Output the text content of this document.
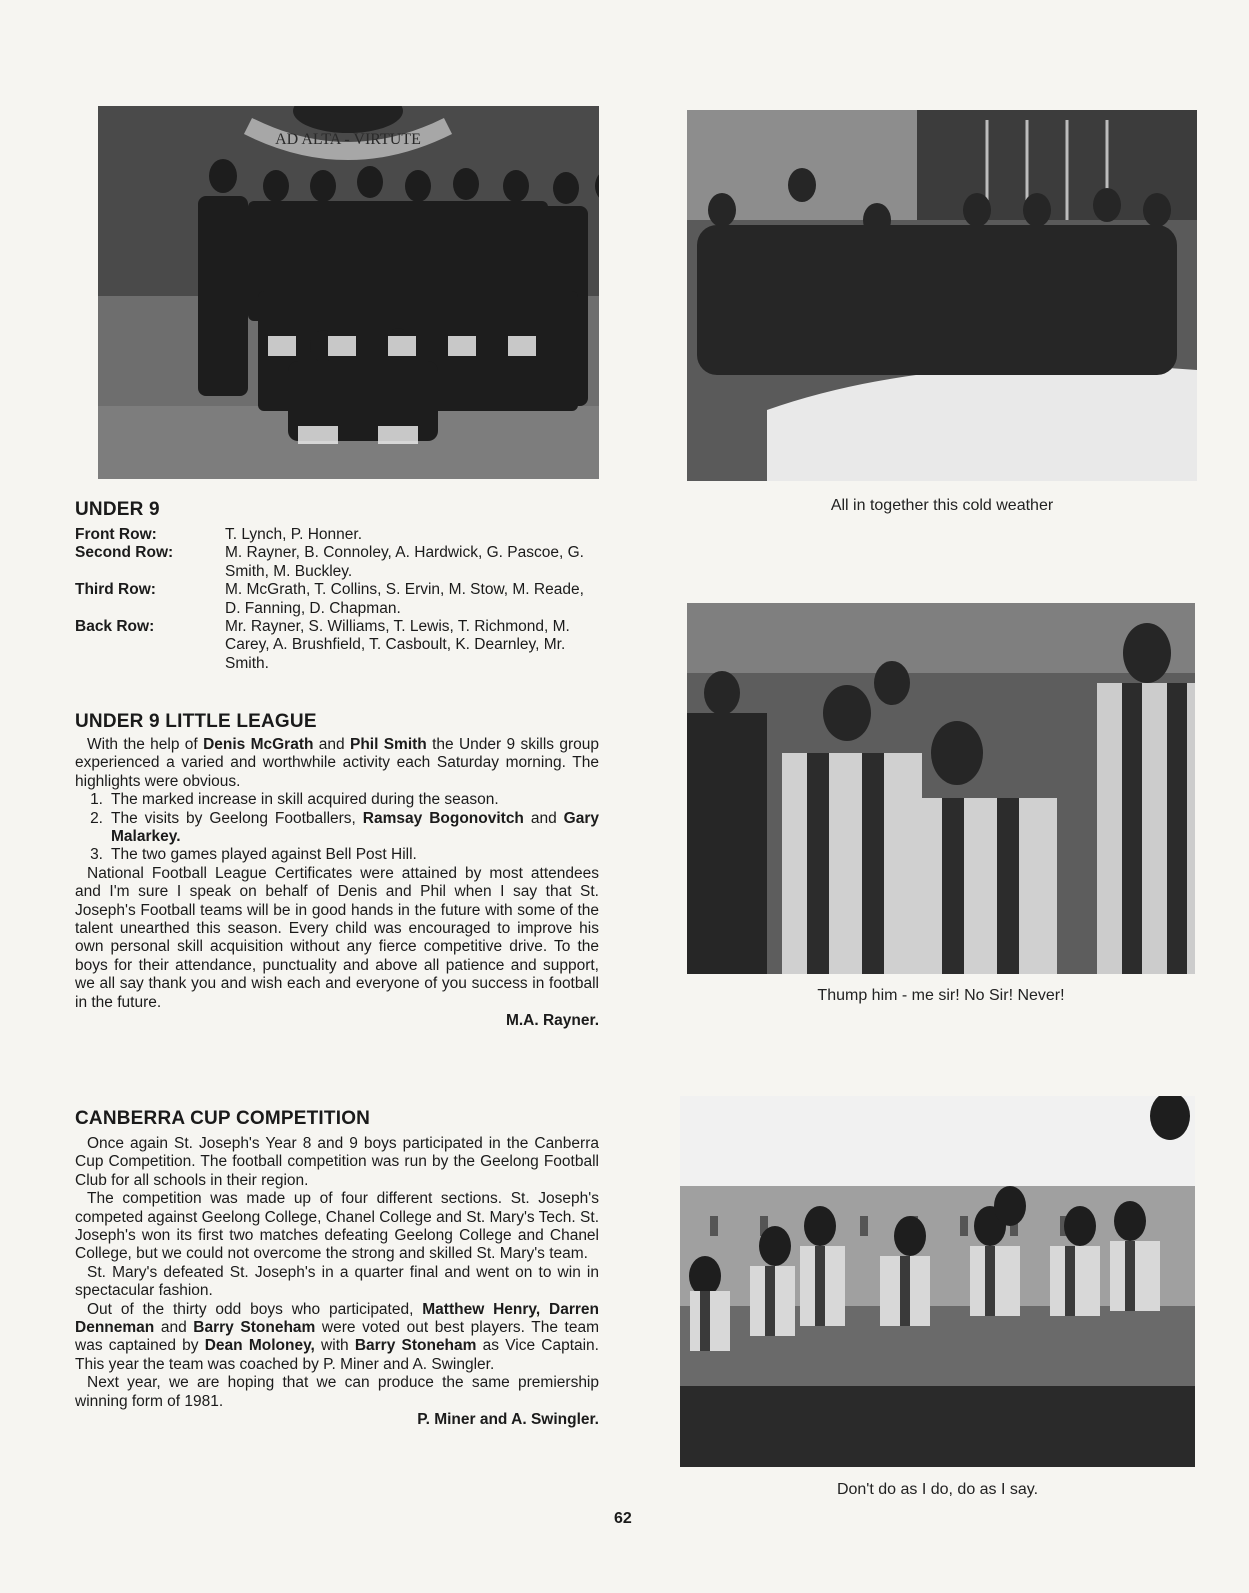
AD ALTA - VIRTUTE
All in together this cold weather
Thump him - me sir! No Sir! Never!
Don't do as I do, do as I say.
UNDER 9
Front Row:	T. Lynch, P. Honner.
Second Row:	M. Rayner, B. Connoley, A. Hardwick, G. Pascoe, G. Smith, M. Buckley.
Third Row:	M. McGrath, T. Collins, S. Ervin, M. Stow, M. Reade, D. Fanning, D. Chapman.
Back Row:	Mr. Rayner, S. Williams, T. Lewis, T. Richmond, M. Carey, A. Brushfield, T. Casboult, K. Dearnley, Mr. Smith.
UNDER 9 LITTLE LEAGUE

With the help of Denis McGrath and Phil Smith the Under 9 skills group experienced a varied and worthwhile activity each Saturday morning. The highlights were obvious.

1. The marked increase in skill acquired during the season.
2. The visits by Geelong Footballers, Ramsay Bogonovitch and Gary Malarkey.
3. The two games played against Bell Post Hill.

National Football League Certificates were attained by most attendees and I'm sure I speak on behalf of Denis and Phil when I say that St. Joseph's Football teams will be in good hands in the future with some of the talent unearthed this season. Every child was encouraged to improve his own personal skill acquisition without any fierce competitive drive. To the boys for their attendance, punctuality and above all patience and support, we all say thank you and wish each and everyone of you success in football in the future.

M.A. Rayner.

CANBERRA CUP COMPETITION

Once again St. Joseph's Year 8 and 9 boys participated in the Canberra Cup Competition. The football competition was run by the Geelong Football Club for all schools in their region.

The competition was made up of four different sections. St. Joseph's competed against Geelong College, Chanel College and St. Mary's Tech. St. Joseph's won its first two matches defeating Geelong College and Chanel College, but we could not overcome the strong and skilled St. Mary's team.

St. Mary's defeated St. Joseph's in a quarter final and went on to win in spectacular fashion.

Out of the thirty odd boys who participated, Matthew Henry, Darren Denneman and Barry Stoneham were voted out best players. The team was captained by Dean Moloney, with Barry Stoneham as Vice Captain. This year the team was coached by P. Miner and A. Swingler.

Next year, we are hoping that we can produce the same premiership winning form of 1981.

P. Miner and A. Swingler.

62
